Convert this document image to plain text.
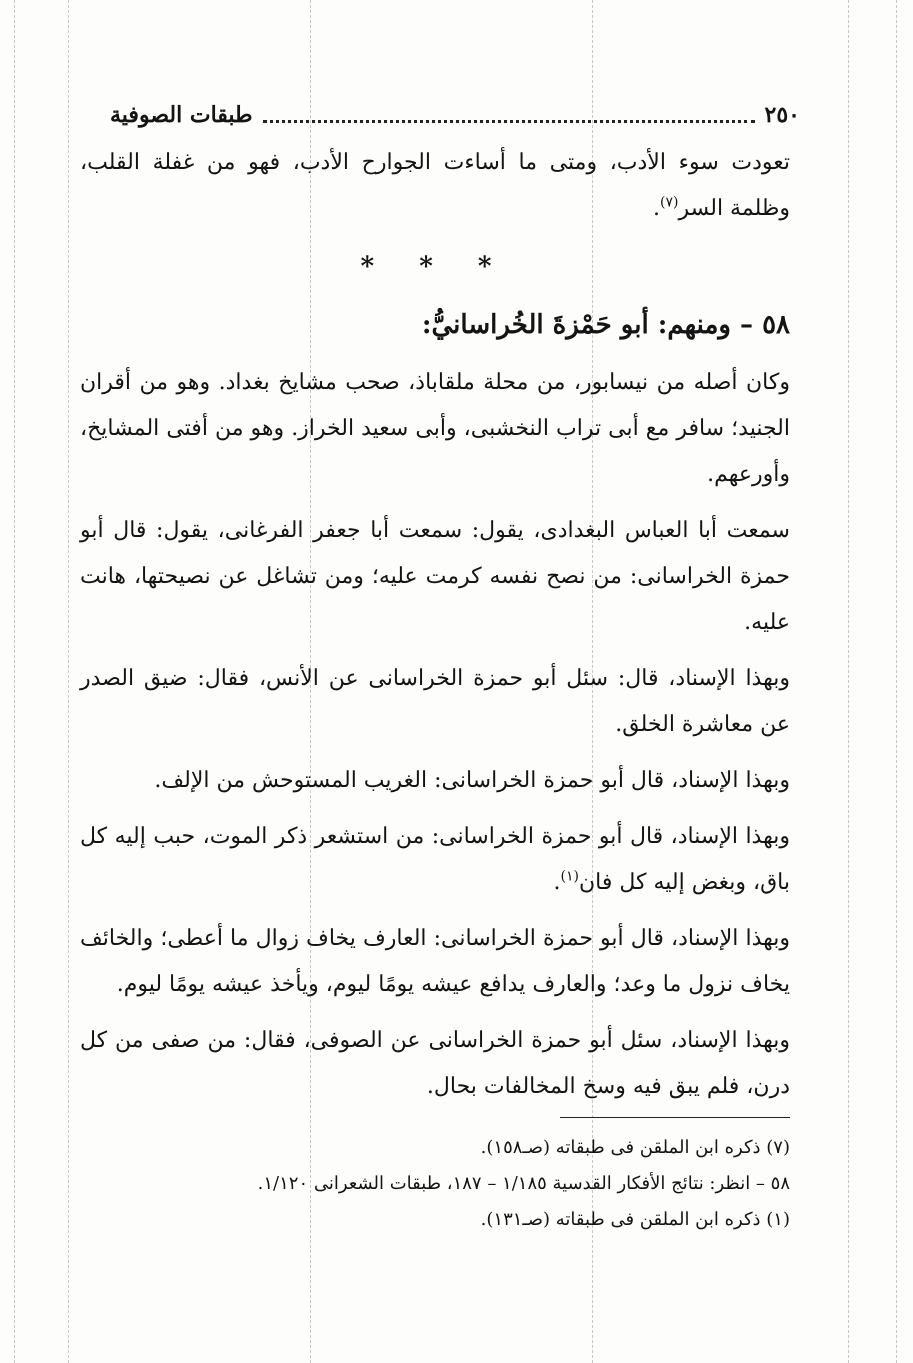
٢٥٠
طبقات الصوفية

تعودت سوء الأدب، ومتى ما أساءت الجوارح الأدب، فهو من غفلة القلب، وظلمة السر$^{(٧)}$.

* * *
٥٨ – ومنهم: أبو حَمْزةَ الخُراسانيُّ:

وكان أصله من نيسابور، من محلة ملقاباذ، صحب مشايخ بغداد. وهو من أقران الجنيد؛ سافر مع أبى تراب النخشبى، وأبى سعيد الخراز. وهو من أفتى المشايخ، وأورعهم.

سمعت أبا العباس البغدادى، يقول: سمعت أبا جعفر الفرغانى، يقول: قال أبو حمزة الخراسانى: من نصح نفسه كرمت عليه؛ ومن تشاغل عن نصيحتها، هانت عليه.

وبهذا الإسناد، قال: سئل أبو حمزة الخراسانى عن الأنس، فقال: ضيق الصدر عن معاشرة الخلق.

وبهذا الإسناد، قال أبو حمزة الخراسانى: الغريب المستوحش من الإلف.

وبهذا الإسناد، قال أبو حمزة الخراسانى: من استشعر ذكر الموت، حبب إليه كل باق، وبغض إليه كل فان$^{(١)}$.

وبهذا الإسناد، قال أبو حمزة الخراسانى: العارف يخاف زوال ما أعطى؛ والخائف يخاف نزول ما وعد؛ والعارف يدافع عيشه يومًا ليوم، ويأخذ عيشه يومًا ليوم.

وبهذا الإسناد، سئل أبو حمزة الخراسانى عن الصوفى، فقال: من صفى من كل درن، فلم يبق فيه وسخ المخالفات بحال.

(٧) ذكره ابن الملقن فى طبقاته (صـ١٥٨).

٥٨ – انظر: نتائج الأفكار القدسية ١/١٨٥ – ١٨٧، طبقات الشعرانى ١/١٢٠.

(١) ذكره ابن الملقن فى طبقاته (صـ١٣١).
